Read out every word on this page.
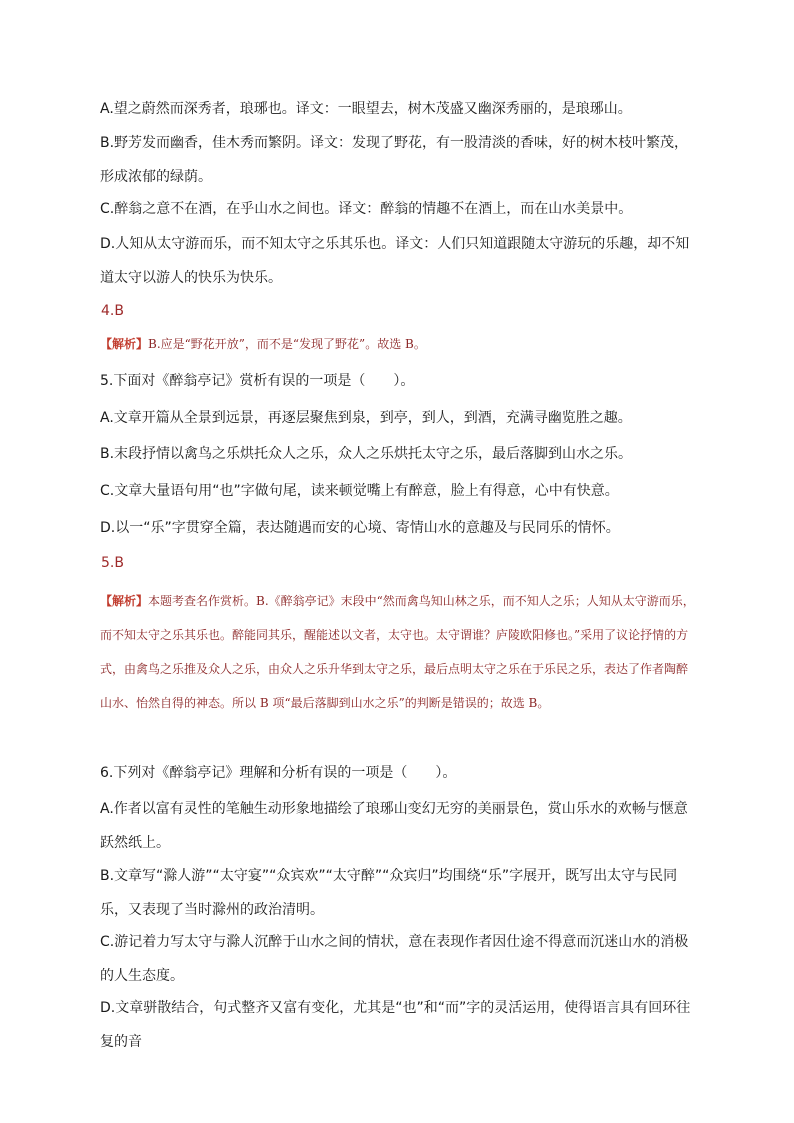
A.望之蔚然而深秀者，琅琊也。译文：一眼望去，树木茂盛又幽深秀丽的，是琅琊山。

B.野芳发而幽香，佳木秀而繁阴。译文：发现了野花，有一股清淡的香味，好的树木枝叶繁茂，形成浓郁的绿荫。

C.醉翁之意不在酒，在乎山水之间也。译文：醉翁的情趣不在酒上，而在山水美景中。

D.人知从太守游而乐，而不知太守之乐其乐也。译文：人们只知道跟随太守游玩的乐趣，却不知道太守以游人的快乐为快乐。

4.B

【解析】B.应是“野花开放”，而不是“发现了野花”。故选 B。

5.下面对《醉翁亭记》赏析有误的一项是（　　）。

A.文章开篇从全景到远景，再逐层聚焦到泉，到亭，到人，到酒，充满寻幽览胜之趣。

B.末段抒情以禽鸟之乐烘托众人之乐，众人之乐烘托太守之乐，最后落脚到山水之乐。

C.文章大量语句用“也”字做句尾，读来顿觉嘴上有醉意，脸上有得意，心中有快意。

D.以一“乐”字贯穿全篇，表达随遇而安的心境、寄情山水的意趣及与民同乐的情怀。

5.B

【解析】本题考查名作赏析。B.《醉翁亭记》末段中“然而禽鸟知山林之乐，而不知人之乐；人知从太守游而乐，而不知太守之乐其乐也。醉能同其乐，醒能述以文者，太守也。太守谓谁？庐陵欧阳修也。”采用了议论抒情的方式，由禽鸟之乐推及众人之乐，由众人之乐升华到太守之乐，最后点明太守之乐在于乐民之乐，表达了作者陶醉山水、怡然自得的神态。所以 B 项“最后落脚到山水之乐”的判断是错误的；故选 B。

6.下列对《醉翁亭记》理解和分析有误的一项是（　　）。

A.作者以富有灵性的笔触生动形象地描绘了琅琊山变幻无穷的美丽景色，赏山乐水的欢畅与惬意跃然纸上。

B.文章写“滁人游”“太守宴”“众宾欢”“太守醉”“众宾归”均围绕“乐”字展开，既写出太守与民同乐，又表现了当时滁州的政治清明。

C.游记着力写太守与滁人沉醉于山水之间的情状，意在表现作者因仕途不得意而沉迷山水的消极的人生态度。

D.文章骈散结合，句式整齐又富有变化，尤其是“也”和“而”字的灵活运用，使得语言具有回环往复的音
